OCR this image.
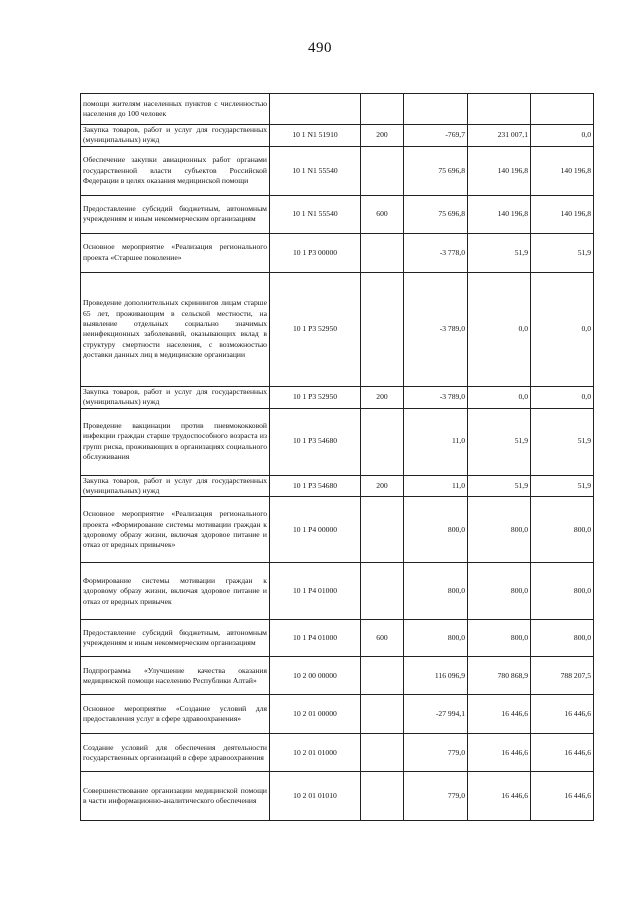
490
помощи жителям населенных пунктов с численностью населения до 100 человек					
Закупка товаров, работ и услуг для государственных (муниципальных) нужд	10 1 N1 51910	200	-769,7	231 007,1	0,0
Обеспечение закупки авиационных работ органами государственной власти субъектов Российской Федерации в целях оказания медицинской помощи	10 1 N1 55540		75 696,8	140 196,8	140 196,8
Предоставление субсидий бюджетным, автономным учреждениям и иным некоммерческим организациям	10 1 N1 55540	600	75 696,8	140 196,8	140 196,8
Основное мероприятие «Реализация регионального проекта «Старшее поколение»	10 1 P3 00000		-3 778,0	51,9	51,9
Проведение дополнительных скринингов лицам старше 65 лет, проживающим в сельской местности, на выявление отдельных социально значимых неинфекционных заболеваний, оказывающих вклад в структуру смертности населения, с возможностью доставки данных лиц в медицинские организации	10 1 P3 52950		-3 789,0	0,0	0,0
Закупка товаров, работ и услуг для государственных (муниципальных) нужд	10 1 P3 52950	200	-3 789,0	0,0	0,0
Проведение вакцинации против пневмококковой инфекции граждан старше трудоспособного возраста из групп риска, проживающих в организациях социального обслуживания	10 1 P3 54680		11,0	51,9	51,9
Закупка товаров, работ и услуг для государственных (муниципальных) нужд	10 1 P3 54680	200	11,0	51,9	51,9
Основное мероприятие «Реализация регионального проекта «Формирование системы мотивации граждан к здоровому образу жизни, включая здоровое питание и отказ от вредных привычек»	10 1 P4 00000		800,0	800,0	800,0
Формирование системы мотивации граждан к здоровому образу жизни, включая здоровое питание и отказ от вредных привычек	10 1 P4 01000		800,0	800,0	800,0
Предоставление субсидий бюджетным, автономным учреждениям и иным некоммерческим организациям	10 1 P4 01000	600	800,0	800,0	800,0
Подпрограмма «Улучшение качества оказания медицинской помощи населению Республики Алтай»	10 2 00 00000		116 096,9	780 868,9	788 207,5
Основное мероприятие «Создание условий для предоставления услуг в сфере здравоохранения»	10 2 01 00000		-27 994,1	16 446,6	16 446,6
Создание условий для обеспечения деятельности государственных организаций в сфере здравоохранения	10 2 01 01000		779,0	16 446,6	16 446,6
Совершенствование организации медицинской помощи в части информационно-аналитического обеспечения	10 2 01 01010		779,0	16 446,6	16 446,6
